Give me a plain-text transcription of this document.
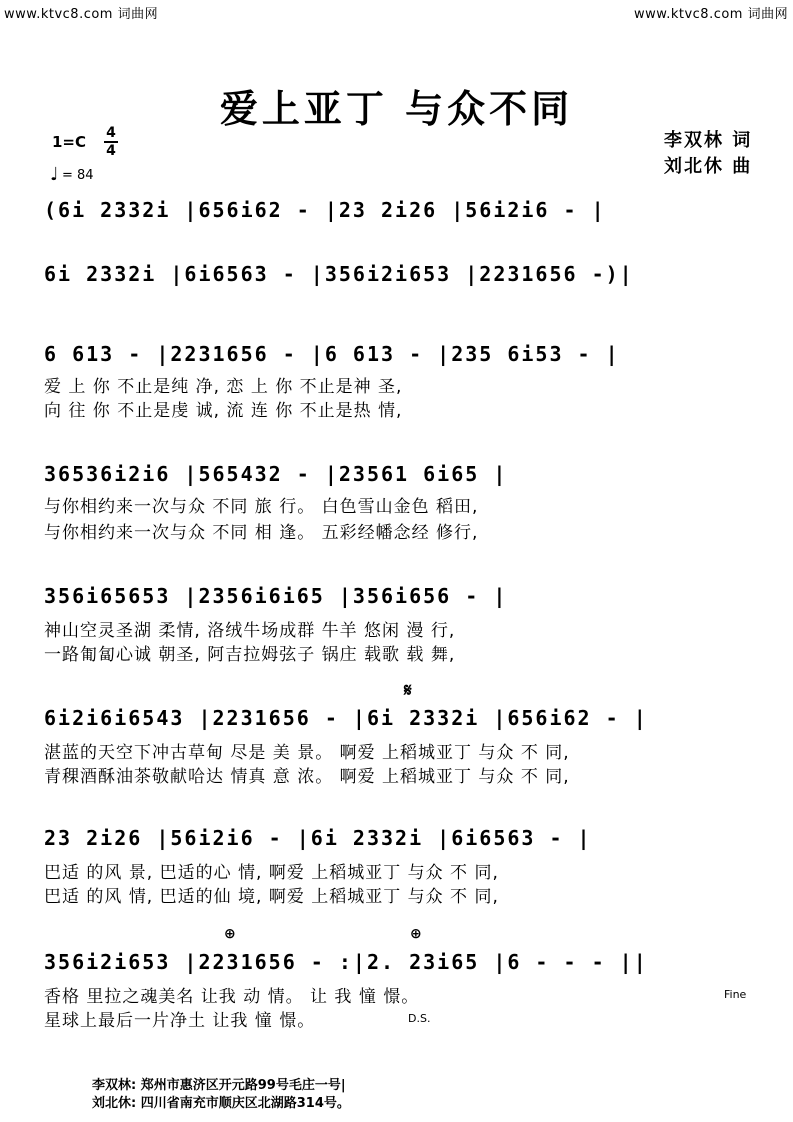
www.ktvc8.com 词曲网	www.ktvc8.com 词曲网
爱上亚丁 与众不同
李双林 词
刘北休 曲
1=C 4
4
♩ = 84
(6i 2332i |656i62 - |23 2i26 |56i2i6 - |
6i 2332i |6i6563 - |356i2i653 |2231656 -)|
6 613 - |2231656 - |6 613 - |235 6i53 - |
爱 上 你 不止是纯 净, 恋 上 你 不止是神 圣,
向 往 你 不止是虔 诚, 流 连 你 不止是热 情,
36536i2i6 |565432 - |23561 6i65 |
与你相约来一次与众 不同 旅 行。 白色雪山金色 稻田,
与你相约来一次与众 不同 相 逢。 五彩经幡念经 修行,
356i65653 |2356i6i65 |356i656 - |
神山空灵圣湖 柔情, 洛绒牛场成群 牛羊 悠闲 漫 行,
一路匍匐心诚 朝圣, 阿吉拉姆弦子 锅庄 载歌 载 舞,
𝄋
6i2i6i6543 |2231656 - |6i 2332i |656i62 - |
湛蓝的天空下冲古草甸 尽是 美 景。 啊爱 上稻城亚丁 与众 不 同,
青稞酒酥油茶敬献哈达 情真 意 浓。 啊爱 上稻城亚丁 与众 不 同,
23 2i26 |56i2i6 - |6i 2332i |6i6563 - |
巴适 的风 景, 巴适的心 情, 啊爱 上稻城亚丁 与众 不 同,
巴适 的风 情, 巴适的仙 境, 啊爱 上稻城亚丁 与众 不 同,
⊕	⊕
356i2i653 |2231656 - :|2. 23i65 |6 - - - ||
香格 里拉之魂美名 让我 动 情。 让 我 憧 憬。
星球上最后一片净土 让我 憧 憬。
Fine
D.S.
李双林: 郑州市惠济区开元路99号毛庄一号|
刘北休: 四川省南充市顺庆区北湖路314号。
